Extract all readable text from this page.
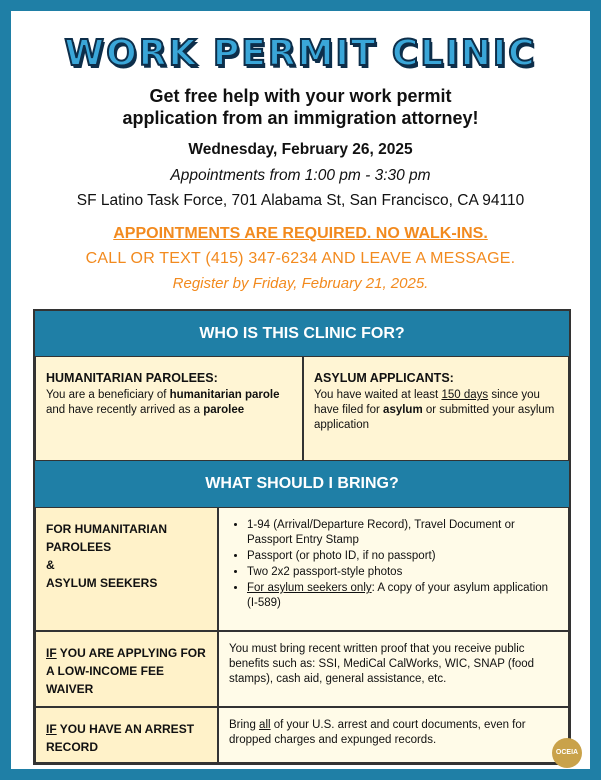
WORK PERMIT CLINIC
Get free help with your work permit
application from an immigration attorney!
Wednesday, February 26, 2025
Appointments from 1:00 pm - 3:30 pm
SF Latino Task Force, 701 Alabama St, San Francisco, CA 94110
APPOINTMENTS ARE REQUIRED. NO WALK-INS.
CALL OR TEXT (415) 347-6234 AND LEAVE A MESSAGE.
Register by Friday, February 21, 2025.
WHO IS THIS CLINIC FOR?
HUMANITARIAN PAROLEES:
You are a beneficiary of humanitarian parole and have recently arrived as a parolee
ASYLUM APPLICANTS:
You have waited at least 150 days since you have filed for asylum or submitted your asylum application
WHAT SHOULD I BRING?
FOR HUMANITARIAN
PAROLEES
&
ASYLUM SEEKERS
• 1-94 (Arrival/Departure Record), Travel Document or Passport Entry Stamp
• Passport (or photo ID, if no passport)
• Two 2x2 passport-style photos
• For asylum seekers only: A copy of your asylum application (I-589)
IF YOU ARE APPLYING FOR A LOW-INCOME FEE WAIVER
You must bring recent written proof that you receive public benefits such as: SSI, MediCal CalWorks, WIC, SNAP (food stamps), cash aid, general assistance, etc.
IF YOU HAVE AN ARREST RECORD
Bring all of your U.S. arrest and court documents, even for dropped charges and expunged records.
OCEIA
